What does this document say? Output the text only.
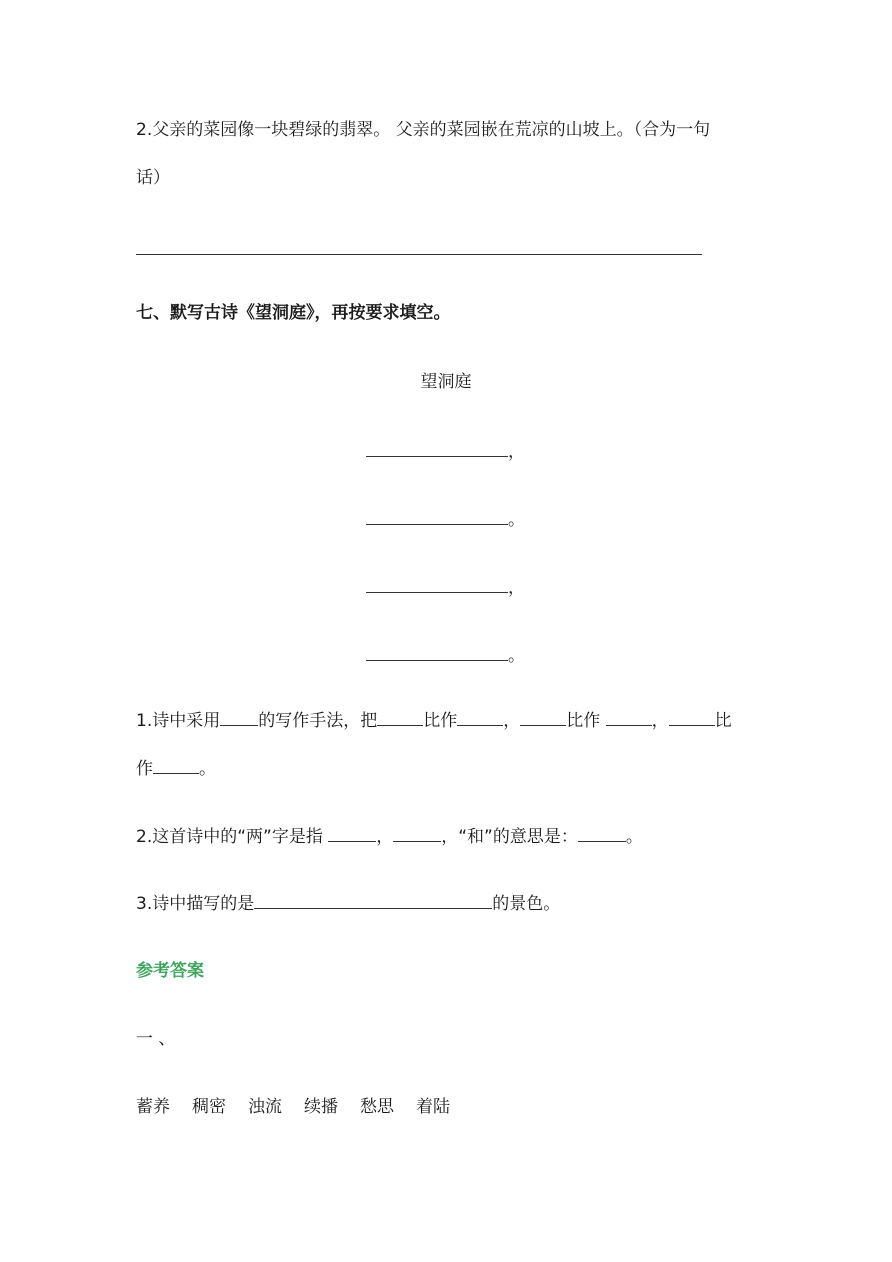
2.父亲的菜园像一块碧绿的翡翠。 父亲的菜园嵌在荒凉的山坡上。（合为一句
话）
七、默写古诗《望洞庭》，再按要求填空。
望洞庭
，
。
，
。
1.诗中采用 的写作手法，把	比作	，	比作	，	比
作	。
2.这首诗中的“两”字是指	，	，“和”的意思是：	。
3.诗中描写的是	的景色。
参考答案
一 、
蓄养 稠密 浊流 续播 愁思 着陆
